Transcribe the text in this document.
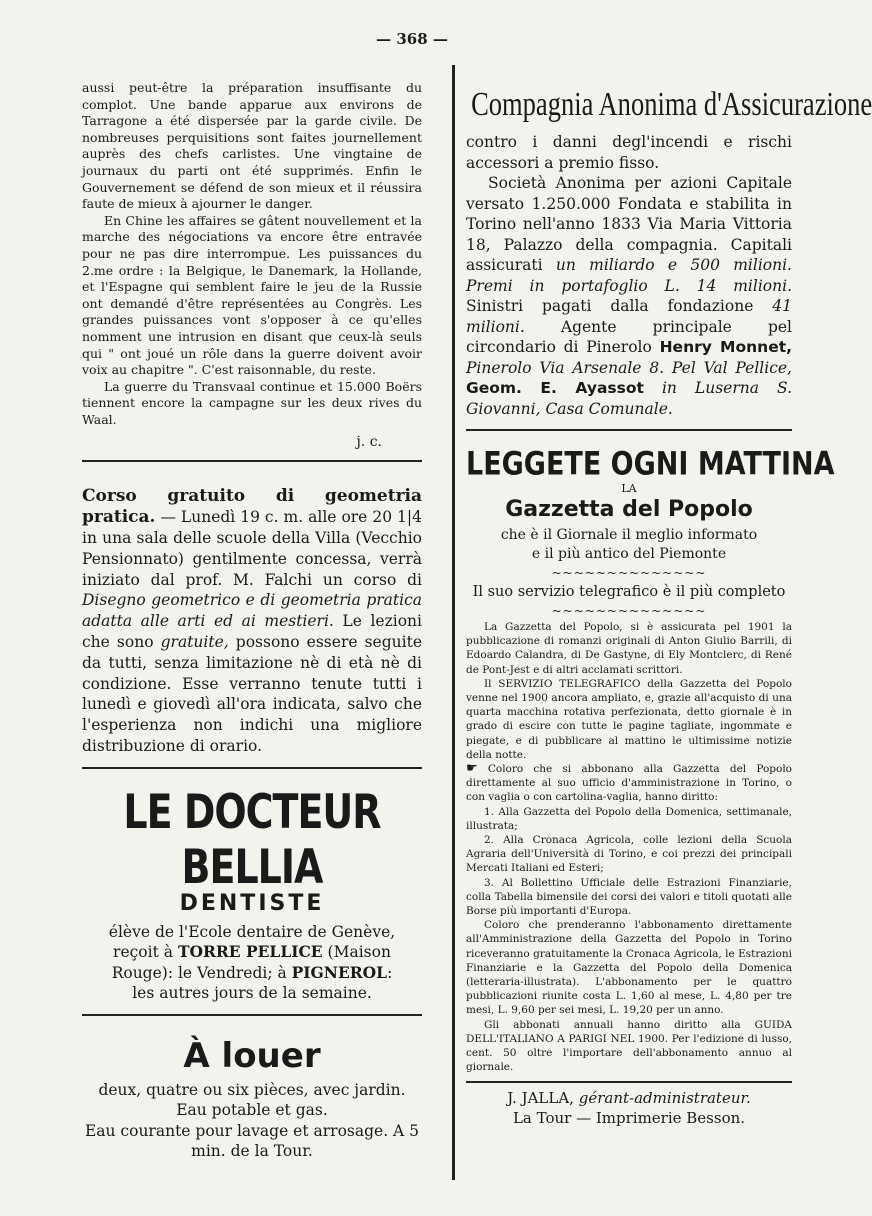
— 368 —

aussi peut-être la préparation insuffisante du complot. Une bande apparue aux environs de Tarragone a été dispersée par la garde civile. De nombreuses perquisitions sont faites journellement auprès des chefs carlistes. Une vingtaine de journaux du parti ont été supprimés. Enfin le Gouvernement se défend de son mieux et il réussira faute de mieux à ajourner le danger.

En Chine les affaires se gâtent nouvellement et la marche des négociations va encore être entravée pour ne pas dire interrompue. Les puissances du 2.me ordre : la Belgique, le Danemark, la Hollande, et l'Espagne qui semblent faire le jeu de la Russie ont demandé d'être représentées au Congrès. Les grandes puissances vont s'opposer à ce qu'elles nomment une intrusion en disant que ceux-là seuls qui " ont joué un rôle dans la guerre doivent avoir voix au chapitre ". C'est raisonnable, du reste.

La guerre du Transvaal continue et 15.000 Boërs tiennent encore la campagne sur les deux rives du Waal.

j. c.

Corso gratuito di geometria pratica. — Lunedì 19 c. m. alle ore 20 1|4 in una sala delle scuole della Villa (Vecchio Pensionnato) gentilmente concessa, verrà iniziato dal prof. M. Falchi un corso di Disegno geometrico e di geometria pratica adatta alle arti ed ai mestieri. Le lezioni che sono gratuite, possono essere seguite da tutti, senza limitazione nè di età nè di condizione. Esse verranno tenute tutti i lunedì e giovedì all'ora indicata, salvo che l'esperienza non indichi una migliore distribuzione di orario.

LE DOCTEUR BELLIA
DENTISTE

élève de l'Ecole dentaire de Genève,
reçoit à TORRE PELLICE (Maison
Rouge): le Vendredi; à PIGNEROL:
les autres jours de la semaine.

À louer

deux, quatre ou six pièces, avec jardin.
Eau potable et gas.
Eau courante pour lavage et arrosage. A 5 min. de la Tour.

Compagnia Anonima d'Assicurazione

contro i danni degl'incendi e rischi accessori a premio fisso.

Società Anonima per azioni Capitale versato 1.250.000 Fondata e stabilita in Torino nell'anno 1833 Via Maria Vittoria 18, Palazzo della compagnia. Capitali assicurati un miliardo e 500 milioni. Premi in portafoglio L. 14 milioni. Sinistri pagati dalla fondazione 41 milioni. Agente principale pel circondario di Pinerolo Henry Monnet, Pinerolo Via Arsenale 8. Pel Val Pellice, Geom. E. Ayassot in Luserna S. Giovanni, Casa Comunale.

LEGGETE OGNI MATTINA
LA
Gazzetta del Popolo

che è il Giornale il meglio informato

e il più antico del Piemonte

~~~~~~~~~~~~~~
Il suo servizio telegrafico è il più completo
~~~~~~~~~~~~~~

La Gazzetta del Popolo, si è assicurata pel 1901 la pubblicazione di romanzi originali di Anton Giulio Barrili, di Edoardo Calandra, di De Gastyne, di Ely Montclerc, di René de Pont-Jest e di altri acclamati scrittori.

Il SERVIZIO TELEGRAFICO della Gazzetta del Popolo venne nel 1900 ancora ampliato, e, grazie all'acquisto di una quarta macchina rotativa perfezionata, detto giornale è in grado di escire con tutte le pagine tagliate, ingommate e piegate, e di pubblicare al mattino le ultimissime notizie della notte.

☛ Coloro che si abbonano alla Gazzetta del Popolo direttamente al suo ufficio d'amministrazione in Torino, o con vaglia o con cartolina-vaglia, hanno diritto:

1. Alla Gazzetta del Popolo della Domenica, settimanale, illustrata;

2. Alla Cronaca Agricola, colle lezioni della Scuola Agraria dell'Università di Torino, e coi prezzi dei principali Mercati Italiani ed Esteri;

3. Al Bollettino Ufficiale delle Estrazioni Finanziarie, colla Tabella bimensile dei corsi dei valori e titoli quotati alle Borse più importanti d'Europa.

Coloro che prenderanno l'abbonamento direttamente all'Amministrazione della Gazzetta del Popolo in Torino riceveranno gratuitamente la Cronaca Agricola, le Estrazioni Finanziarie e la Gazzetta del Popolo della Domenica (letteraria-illustrata). L'abbonamento per le quattro pubblicazioni riunite costa L. 1,60 al mese, L. 4,80 per tre mesi, L. 9,60 per sei mesi, L. 19,20 per un anno.

Gli abbonati annuali hanno diritto alla GUIDA DELL'ITALIANO A PARIGI NEL 1900. Per l'edizione di lusso, cent. 50 oltre l'importare dell'abbonamento annuo al giornale.

J. JALLA, gérant-administrateur.
La Tour — Imprimerie Besson.
